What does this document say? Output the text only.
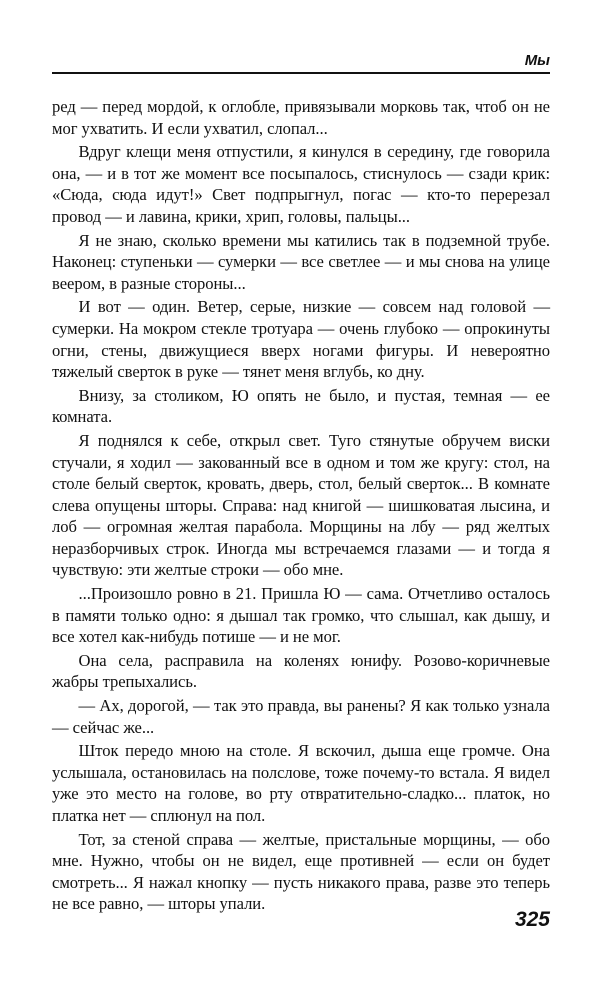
Мы

ред — перед мордой, к оглобле, привязывали морковь так, чтоб он не мог ухватить. И если ухватил, слопал...

Вдруг клещи меня отпустили, я кинулся в середину, где говорила она, — и в тот же момент все посыпалось, стиснулось — сзади крик: «Сюда, сюда идут!» Свет подпрыгнул, погас — кто-то перерезал провод — и лавина, крики, хрип, головы, пальцы...

Я не знаю, сколько времени мы катились так в подземной трубе. Наконец: ступеньки — сумерки — все светлее — и мы снова на улице веером, в разные стороны...

И вот — один. Ветер, серые, низкие — совсем над головой — сумерки. На мокром стекле тротуара — очень глубоко — опрокинуты огни, стены, движущиеся вверх ногами фигуры. И невероятно тяжелый сверток в руке — тянет меня вглубь, ко дну.

Внизу, за столиком, Ю опять не было, и пустая, темная — ее комната.

Я поднялся к себе, открыл свет. Туго стянутые обручем виски стучали, я ходил — закованный все в одном и том же кругу: стол, на столе белый сверток, кровать, дверь, стол, белый сверток... В комнате слева опущены шторы. Справа: над книгой — шишковатая лысина, и лоб — огромная желтая парабола. Морщины на лбу — ряд желтых неразборчивых строк. Иногда мы встречаемся глазами — и тогда я чувствую: эти желтые строки — обо мне.

...Произошло ровно в 21. Пришла Ю — сама. Отчетливо осталось в памяти только одно: я дышал так громко, что слышал, как дышу, и все хотел как-нибудь потише — и не мог.

Она села, расправила на коленях юнифу. Розово-коричневые жабры трепыхались.

— Ах, дорогой, — так это правда, вы ранены? Я как только узнала — сейчас же...

Шток передо мною на столе. Я вскочил, дыша еще громче. Она услышала, остановилась на полслове, тоже почему-то встала. Я видел уже это место на голове, во рту отвратительно-сладко... платок, но платка нет — сплюнул на пол.

Тот, за стеной справа — желтые, пристальные морщины, — обо мне. Нужно, чтобы он не видел, еще противней — если он будет смотреть... Я нажал кнопку — пусть никакого права, разве это теперь не все равно, — шторы упали.

325
